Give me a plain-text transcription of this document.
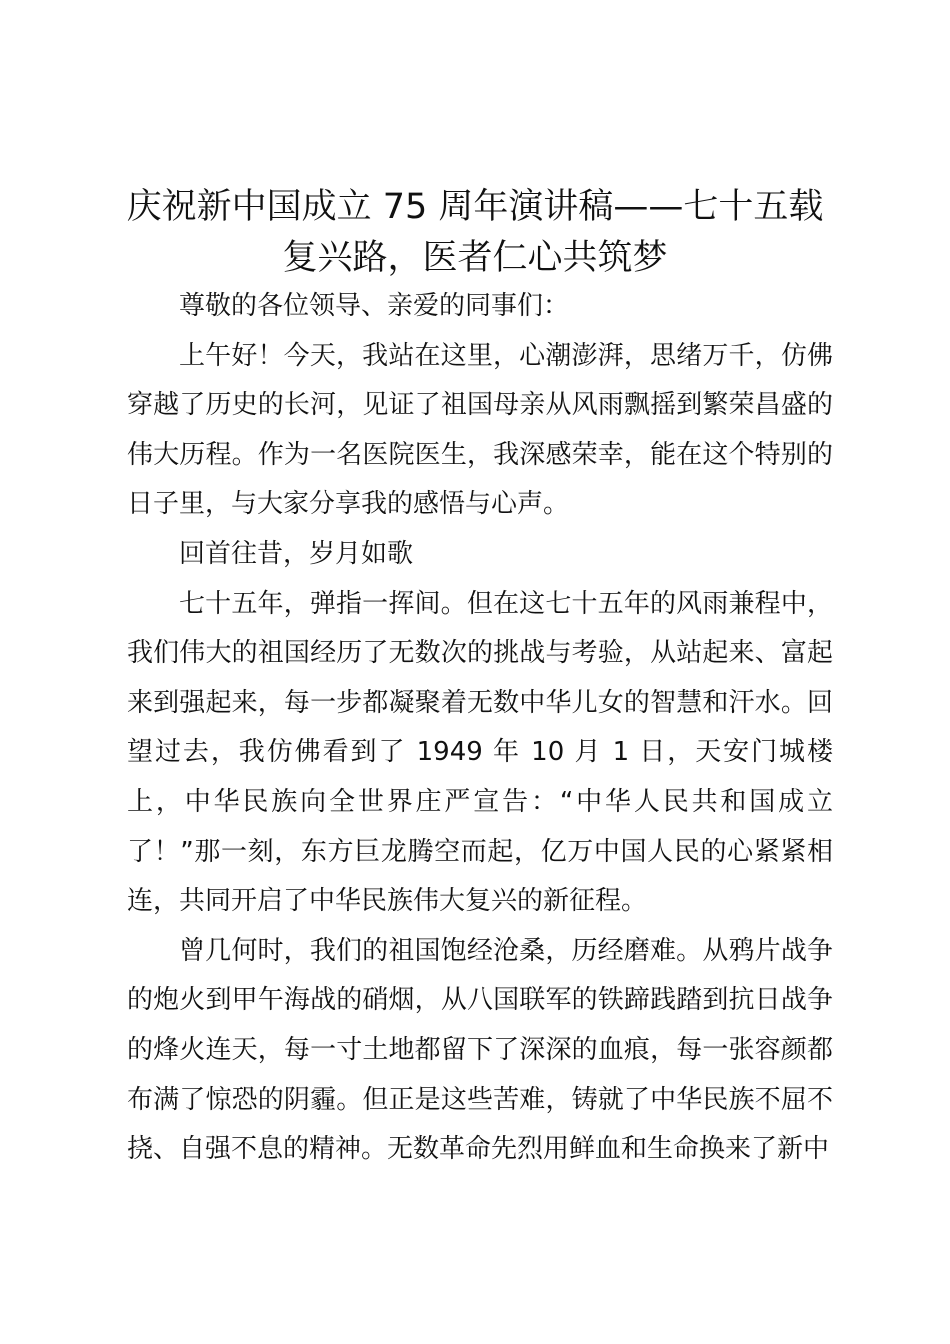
庆祝新中国成立 75 周年演讲稿——七十五载
复兴路，医者仁心共筑梦

尊敬的各位领导、亲爱的同事们：

上午好！今天，我站在这里，心潮澎湃，思绪万千，仿佛穿越了历史的长河，见证了祖国母亲从风雨飘摇到繁荣昌盛的伟大历程。作为一名医院医生，我深感荣幸，能在这个特别的日子里，与大家分享我的感悟与心声。

回首往昔，岁月如歌

七十五年，弹指一挥间。但在这七十五年的风雨兼程中，我们伟大的祖国经历了无数次的挑战与考验，从站起来、富起来到强起来，每一步都凝聚着无数中华儿女的智慧和汗水。回望过去，我仿佛看到了 1949 年 10 月 1 日，天安门城楼上，中华民族向全世界庄严宣告：“中华人民共和国成立了！”那一刻，东方巨龙腾空而起，亿万中国人民的心紧紧相连，共同开启了中华民族伟大复兴的新征程。

曾几何时，我们的祖国饱经沧桑，历经磨难。从鸦片战争的炮火到甲午海战的硝烟，从八国联军的铁蹄践踏到抗日战争的烽火连天，每一寸土地都留下了深深的血痕，每一张容颜都布满了惊恐的阴霾。但正是这些苦难，铸就了中华民族不屈不挠、自强不息的精神。无数革命先烈用鲜血和生命换来了新中
